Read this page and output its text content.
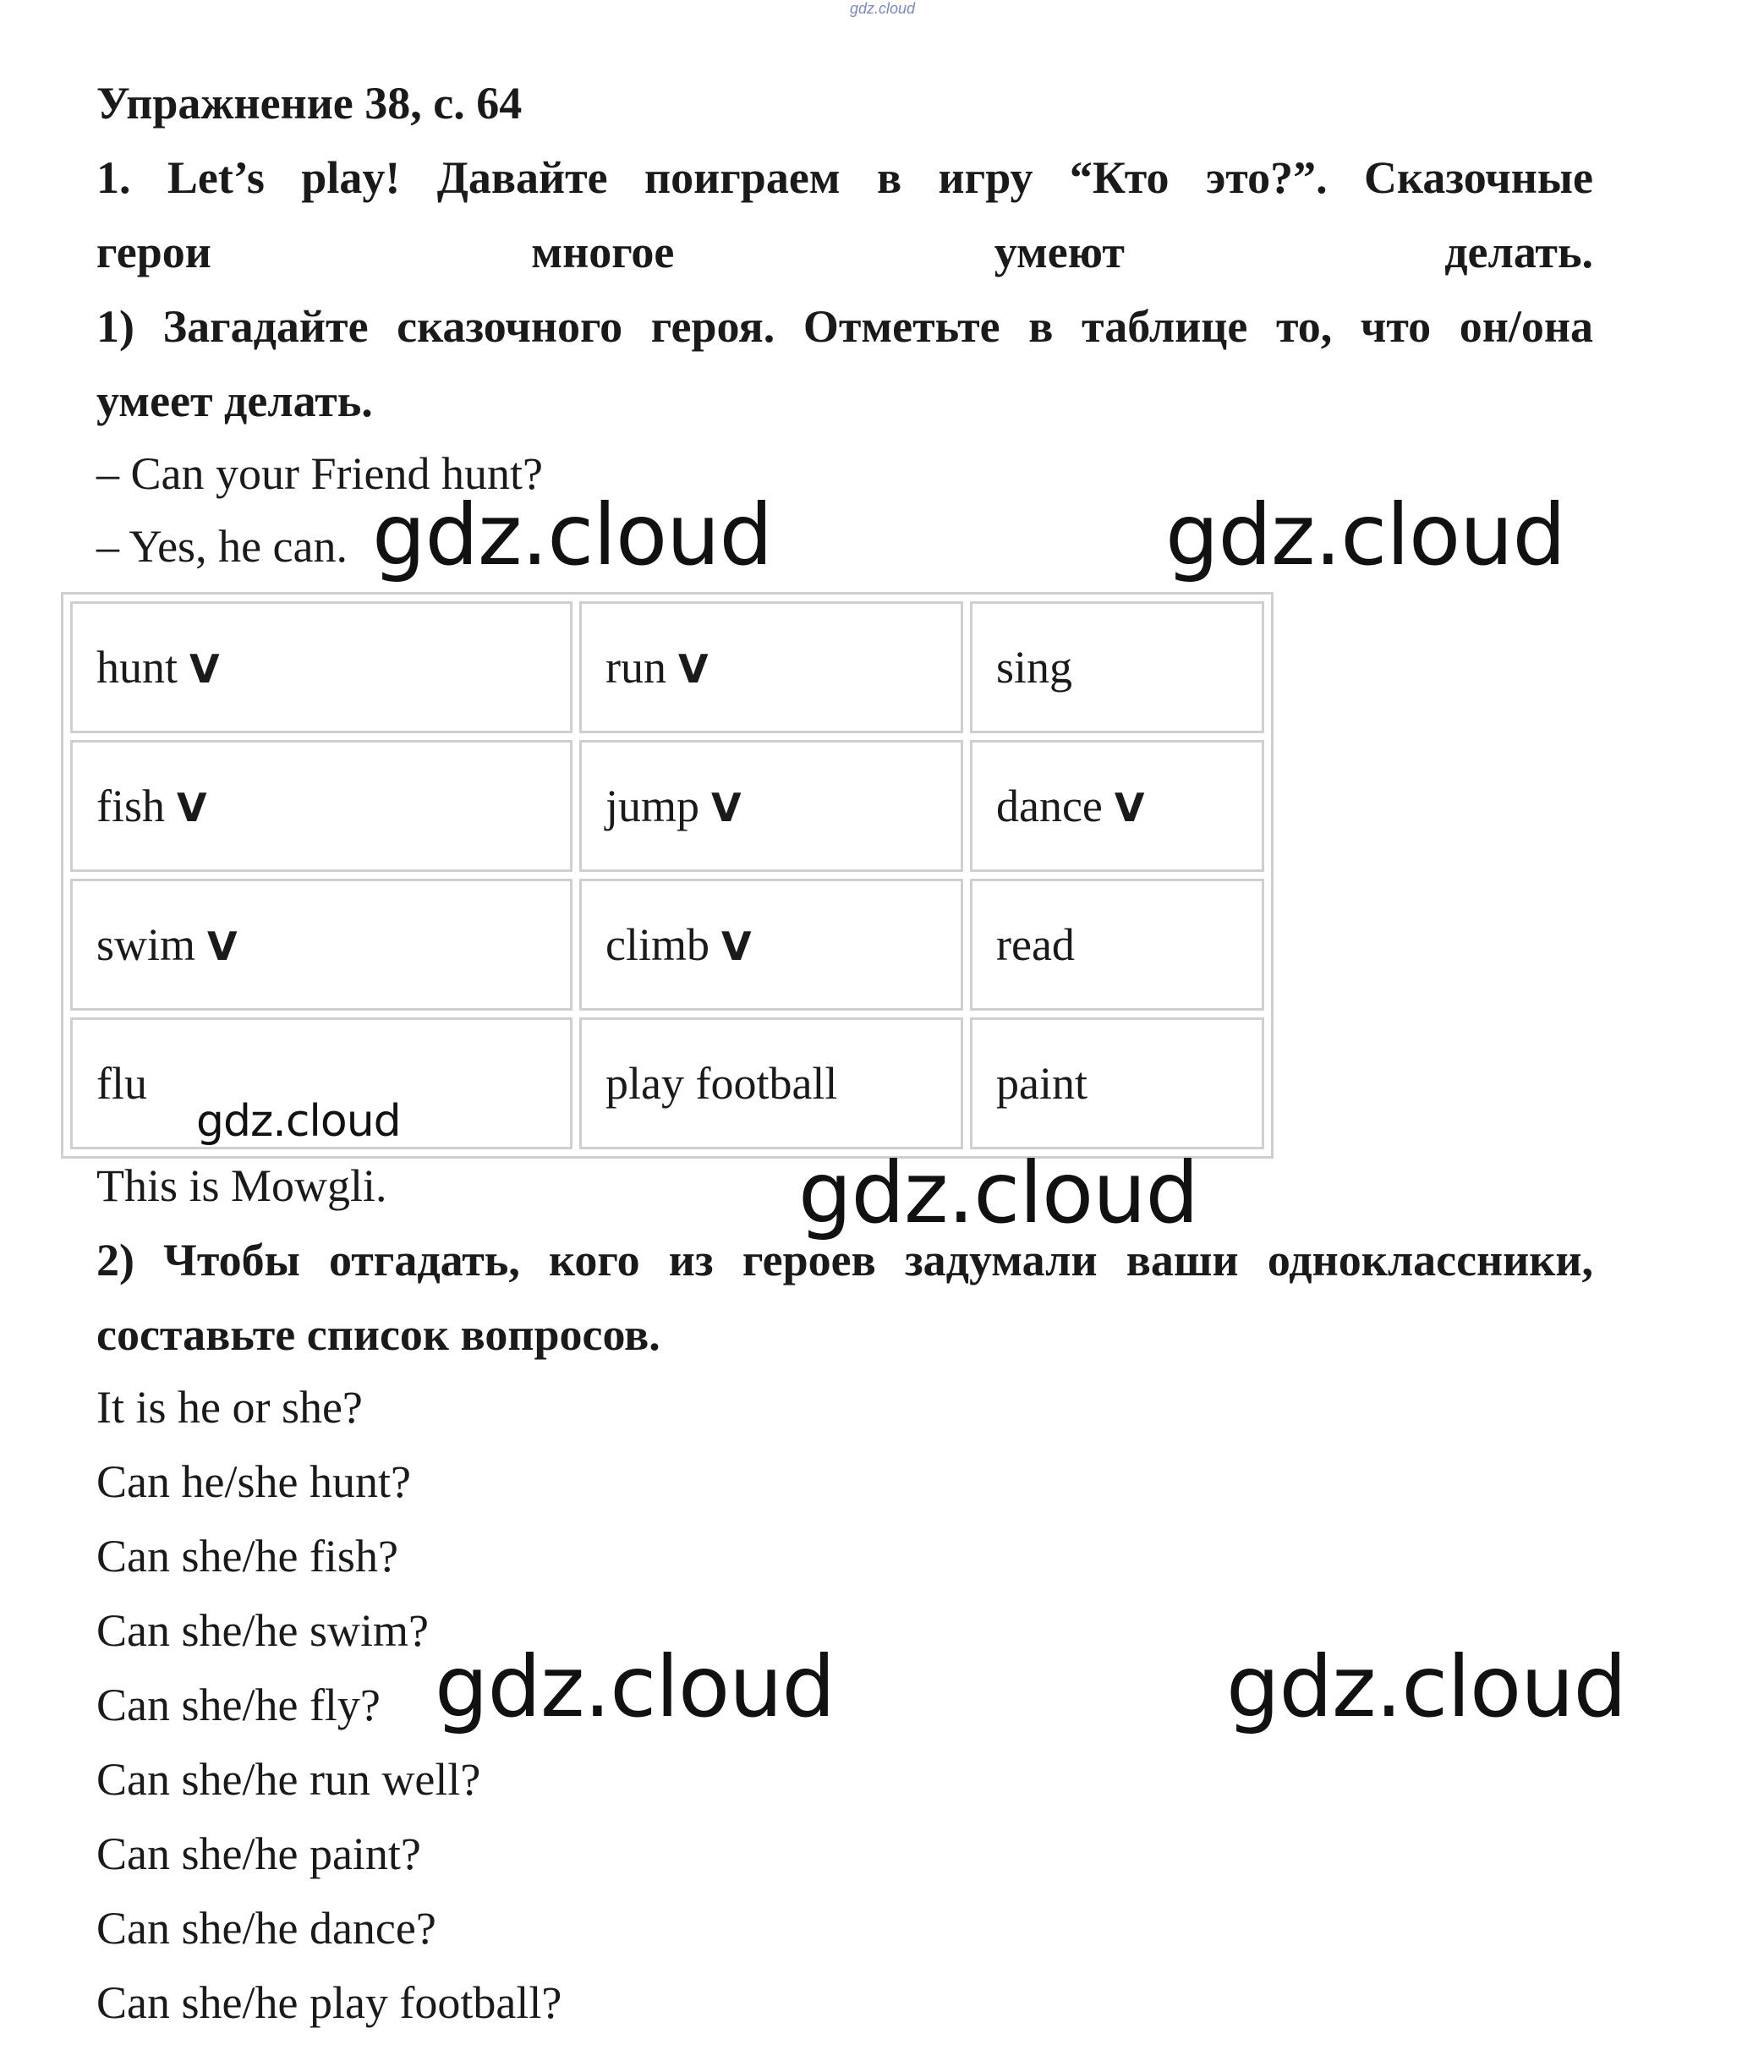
gdz.cloud
Упражнение 38, с. 64
1. Let’s play! Давайте поиграем в игру “Кто это?”. Сказочные
герои многое умеют делать.
1) Загадайте сказочного героя. Отметьте в таблице то, что он/она
умеет делать.
– Can your Friend hunt?
– Yes, he can.
hunt V	run V	sing
fish V	jump V	dance V
swim V	climb V	read
flu	play football	paint
This is Mowgli.
2) Чтобы отгадать, кого из героев задумали ваши одноклассники,
составьте список вопросов.
It is he or she?
Can he/she hunt?
Can she/he fish?
Can she/he swim?
Can she/he fly?
Can she/he run well?
Can she/he paint?
Can she/he dance?
Can she/he play football?
gdz.cloud	gdz.cloud
gdz.cloud
gdz.cloud
gdz.cloud	gdz.cloud
